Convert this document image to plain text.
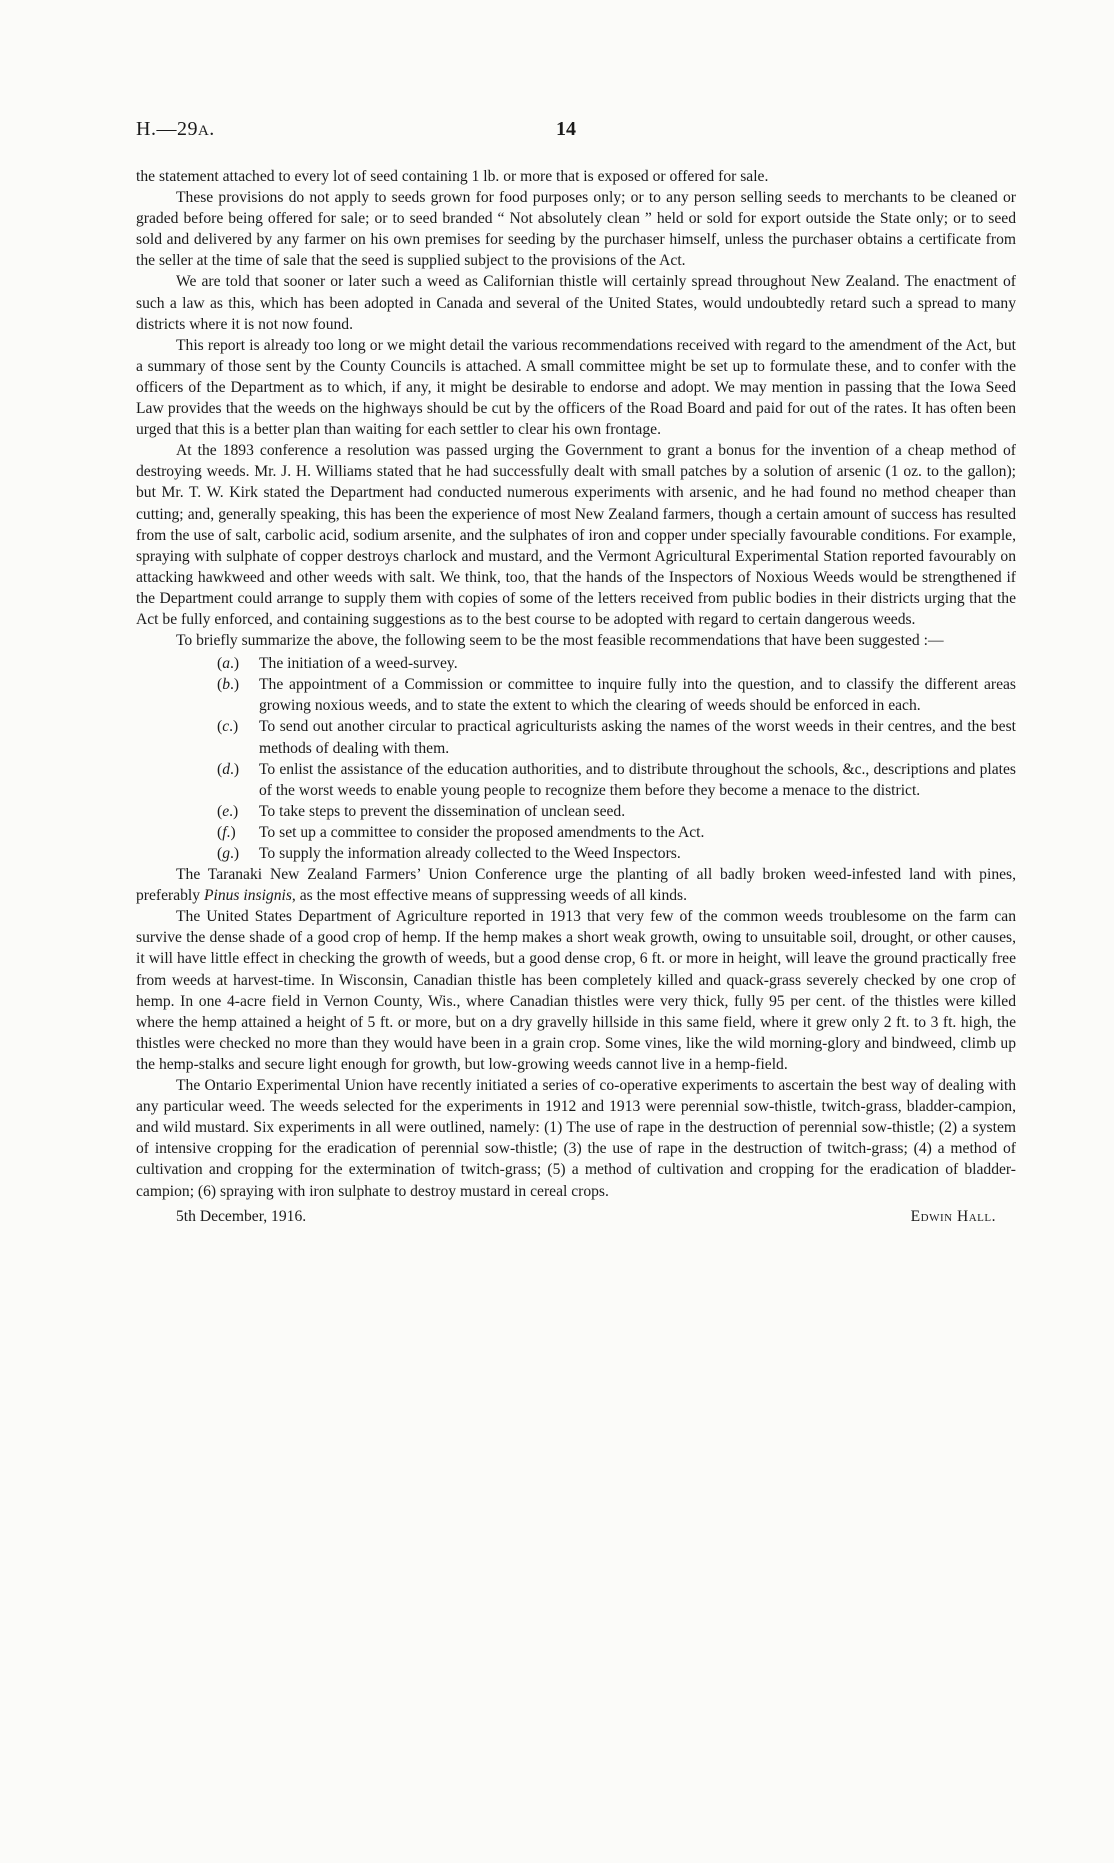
H.—29A.	14

the statement attached to every lot of seed containing 1 lb. or more that is exposed or offered for sale.

These provisions do not apply to seeds grown for food purposes only; or to any person selling seeds to merchants to be cleaned or graded before being offered for sale; or to seed branded “ Not absolutely clean ” held or sold for export outside the State only; or to seed sold and delivered by any farmer on his own premises for seeding by the purchaser himself, unless the purchaser obtains a certificate from the seller at the time of sale that the seed is supplied subject to the provisions of the Act.

We are told that sooner or later such a weed as Californian thistle will certainly spread throughout New Zealand. The enactment of such a law as this, which has been adopted in Canada and several of the United States, would undoubtedly retard such a spread to many districts where it is not now found.

This report is already too long or we might detail the various recommendations received with regard to the amendment of the Act, but a summary of those sent by the County Councils is attached. A small committee might be set up to formulate these, and to confer with the officers of the Department as to which, if any, it might be desirable to endorse and adopt. We may mention in passing that the Iowa Seed Law provides that the weeds on the highways should be cut by the officers of the Road Board and paid for out of the rates. It has often been urged that this is a better plan than waiting for each settler to clear his own frontage.

At the 1893 conference a resolution was passed urging the Government to grant a bonus for the invention of a cheap method of destroying weeds. Mr. J. H. Williams stated that he had successfully dealt with small patches by a solution of arsenic (1 oz. to the gallon); but Mr. T. W. Kirk stated the Department had conducted numerous experiments with arsenic, and he had found no method cheaper than cutting; and, generally speaking, this has been the experience of most New Zealand farmers, though a certain amount of success has resulted from the use of salt, carbolic acid, sodium arsenite, and the sulphates of iron and copper under specially favourable conditions. For example, spraying with sulphate of copper destroys charlock and mustard, and the Vermont Agricultural Experimental Station reported favourably on attacking hawkweed and other weeds with salt. We think, too, that the hands of the Inspectors of Noxious Weeds would be strengthened if the Department could arrange to supply them with copies of some of the letters received from public bodies in their districts urging that the Act be fully enforced, and containing suggestions as to the best course to be adopted with regard to certain dangerous weeds.

To briefly summarize the above, the following seem to be the most feasible recommendations that have been suggested :—

(a.) The initiation of a weed-survey.
(b.) The appointment of a Commission or committee to inquire fully into the question, and to classify the different areas growing noxious weeds, and to state the extent to which the clearing of weeds should be enforced in each.
(c.) To send out another circular to practical agriculturists asking the names of the worst weeds in their centres, and the best methods of dealing with them.
(d.) To enlist the assistance of the education authorities, and to distribute throughout the schools, &c., descriptions and plates of the worst weeds to enable young people to recognize them before they become a menace to the district.
(e.) To take steps to prevent the dissemination of unclean seed.
(f.) To set up a committee to consider the proposed amendments to the Act.
(g.) To supply the information already collected to the Weed Inspectors.

The Taranaki New Zealand Farmers’ Union Conference urge the planting of all badly broken weed-infested land with pines, preferably Pinus insignis, as the most effective means of suppressing weeds of all kinds.

The United States Department of Agriculture reported in 1913 that very few of the common weeds troublesome on the farm can survive the dense shade of a good crop of hemp. If the hemp makes a short weak growth, owing to unsuitable soil, drought, or other causes, it will have little effect in checking the growth of weeds, but a good dense crop, 6 ft. or more in height, will leave the ground practically free from weeds at harvest-time. In Wisconsin, Canadian thistle has been completely killed and quack-grass severely checked by one crop of hemp. In one 4-acre field in Vernon County, Wis., where Canadian thistles were very thick, fully 95 per cent. of the thistles were killed where the hemp attained a height of 5 ft. or more, but on a dry gravelly hillside in this same field, where it grew only 2 ft. to 3 ft. high, the thistles were checked no more than they would have been in a grain crop. Some vines, like the wild morning-glory and bindweed, climb up the hemp-stalks and secure light enough for growth, but low-growing weeds cannot live in a hemp-field.

The Ontario Experimental Union have recently initiated a series of co-operative experiments to ascertain the best way of dealing with any particular weed. The weeds selected for the experiments in 1912 and 1913 were perennial sow-thistle, twitch-grass, bladder-campion, and wild mustard. Six experiments in all were outlined, namely: (1) The use of rape in the destruction of perennial sow-thistle; (2) a system of intensive cropping for the eradication of perennial sow-thistle; (3) the use of rape in the destruction of twitch-grass; (4) a method of cultivation and cropping for the extermination of twitch-grass; (5) a method of cultivation and cropping for the eradication of bladder-campion; (6) spraying with iron sulphate to destroy mustard in cereal crops.

5th December, 1916.	Edwin Hall.
